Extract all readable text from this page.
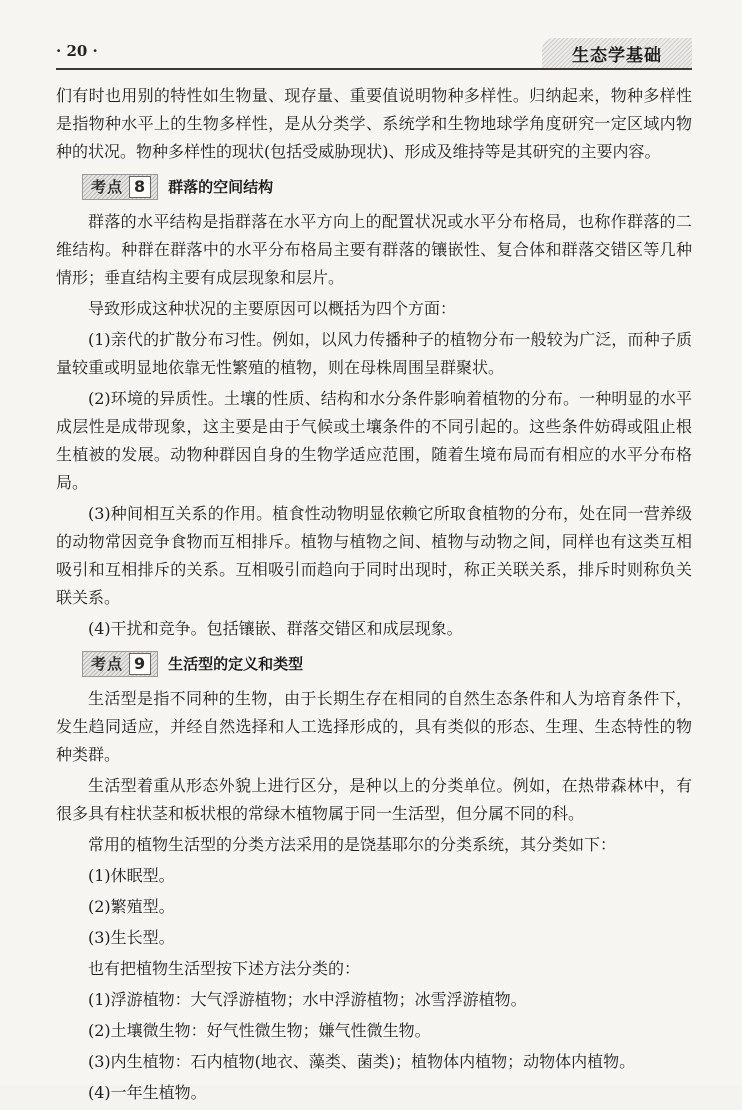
· 20 ·	生态学基础

们有时也用别的特性如生物量、现存量、重要值说明物种多样性。归纳起来，物种多样性是指物种水平上的生物多样性，是从分类学、系统学和生物地球学角度研究一定区域内物种的状况。物种多样性的现状(包括受威胁现状)、形成及维持等是其研究的主要内容。

考点 8	群落的空间结构

群落的水平结构是指群落在水平方向上的配置状况或水平分布格局，也称作群落的二维结构。种群在群落中的水平分布格局主要有群落的镶嵌性、复合体和群落交错区等几种情形；垂直结构主要有成层现象和层片。

导致形成这种状况的主要原因可以概括为四个方面：

(1)亲代的扩散分布习性。例如，以风力传播种子的植物分布一般较为广泛，而种子质量较重或明显地依靠无性繁殖的植物，则在母株周围呈群聚状。

(2)环境的异质性。土壤的性质、结构和水分条件影响着植物的分布。一种明显的水平成层性是成带现象，这主要是由于气候或土壤条件的不同引起的。这些条件妨碍或阻止根生植被的发展。动物种群因自身的生物学适应范围，随着生境布局而有相应的水平分布格局。

(3)种间相互关系的作用。植食性动物明显依赖它所取食植物的分布，处在同一营养级的动物常因竞争食物而互相排斥。植物与植物之间、植物与动物之间，同样也有这类互相吸引和互相排斥的关系。互相吸引而趋向于同时出现时，称正关联关系，排斥时则称负关联关系。

(4)干扰和竞争。包括镶嵌、群落交错区和成层现象。

考点 9	生活型的定义和类型

生活型是指不同种的生物，由于长期生存在相同的自然生态条件和人为培育条件下，发生趋同适应，并经自然选择和人工选择形成的，具有类似的形态、生理、生态特性的物种类群。

生活型着重从形态外貌上进行区分，是种以上的分类单位。例如，在热带森林中，有很多具有柱状茎和板状根的常绿木植物属于同一生活型，但分属不同的科。

常用的植物生活型的分类方法采用的是饶基耶尔的分类系统，其分类如下：

(1)休眠型。

(2)繁殖型。

(3)生长型。

也有把植物生活型按下述方法分类的：

(1)浮游植物：大气浮游植物；水中浮游植物；冰雪浮游植物。

(2)土壤微生物：好气性微生物；嫌气性微生物。

(3)内生植物：石内植物(地衣、藻类、菌类)；植物体内植物；动物体内植物。

(4)一年生植物。
